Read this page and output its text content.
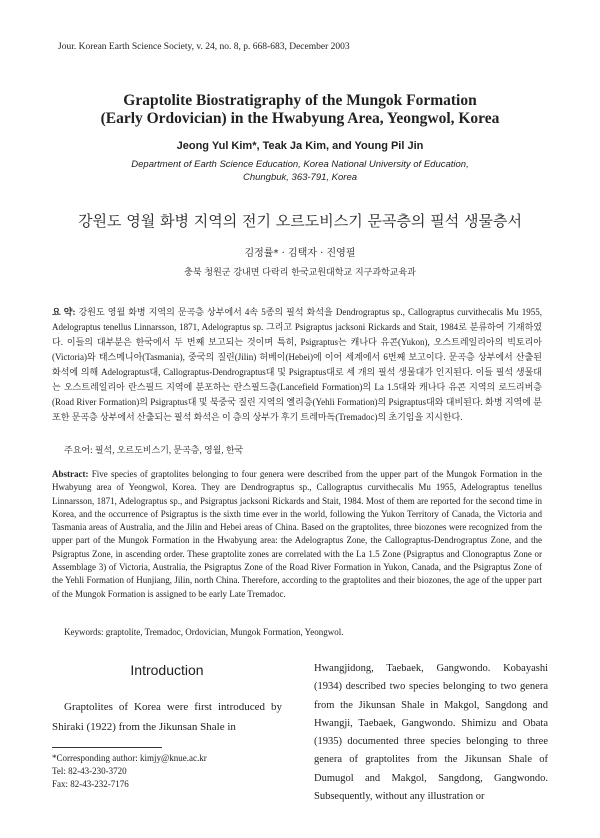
Jour. Korean Earth Science Society, v. 24, no. 8, p. 668-683, December 2003
Graptolite Biostratigraphy of the Mungok Formation
(Early Ordovician) in the Hwabyung Area, Yeongwol, Korea
Jeong Yul Kim*, Teak Ja Kim, and Young Pil Jin
Department of Earth Science Education, Korea National University of Education,
Chungbuk, 363-791, Korea
강원도 영월 화병 지역의 전기 오르도비스기 문곡층의 필석 생물층서
김정률* · 김택자 · 진영필
충북 청원군 강내면 다락리 한국교원대학교 지구과학교육과
요 약: 강원도 영월 화병 지역의 문곡층 상부에서 4속 5종의 필석 화석을 Dendrograptus sp., Callograptus curvithecalis Mu 1955, Adelograptus tenellus Linnarsson, 1871, Adelograptus sp. 그리고 Psigraptus jacksoni Rickards and Stait, 1984로 분류하여 기재하였다. 이들의 대부분은 한국에서 두 번째 보고되는 것이며 특히, Psigraptus는 캐나다 유콘(Yukon), 오스트레일리아의 빅토리아(Victoria)와 태스메니아(Tasmania), 중국의 질린(Jilin) 허베이(Hebei)에 이어 세계에서 6번째 보고이다. 문곡층 상부에서 산출된 화석에 의해 Adelograptus대, Callograptus-Dendrograptus대 및 Psigraptus대로 세 개의 필석 생물대가 인지된다. 이들 필석 생물대는 오스트레일리아 란스필드 지역에 분포하는 란스필드층(Lancefield Formation)의 La 1.5대와 캐나다 유콘 지역의 로드리버층 (Road River Formation)의 Psigraptus대 및 북중국 질린 지역의 옐리층(Yehli Formation)의 Psigraptus대와 대비된다. 화병 지역에 분포한 문곡층 상부에서 산출되는 필석 화석은 이 층의 상부가 후기 트레마독(Tremadoc)의 초기임을 지시한다.
주요어: 필석, 오르도비스기, 문곡층, 영월, 한국
Abstract: Five species of graptolites belonging to four genera were described from the upper part of the Mungok Formation in the Hwabyung area of Yeongwol, Korea. They are Dendrograptus sp., Callograptus curvithecalis Mu 1955, Adelograptus tenellus Linnarsson, 1871, Adelograptus sp., and Psigraptus jacksoni Rickards and Stait, 1984. Most of them are reported for the second time in Korea, and the occurrence of Psigraptus is the sixth time ever in the world, following the Yukon Territory of Canada, the Victoria and Tasmania areas of Australia, and the Jilin and Hebei areas of China. Based on the graptolites, three biozones were recognized from the upper part of the Mungok Formation in the Hwabyung area: the Adelograptus Zone, the Callograptus-Dendrograptus Zone, and the Psigraptus Zone, in ascending order. These graptolite zones are correlated with the La 1.5 Zone (Psigraptus and Clonograptus Zone or Assemblage 3) of Victoria, Australia, the Psigraptus Zone of the Road River Formation in Yukon, Canada, and the Psigraptus Zone of the Yehli Formation of Hunjiang, Jilin, north China. Therefore, according to the graptolites and their biozones, the age of the upper part of the Mungok Formation is assigned to be early Late Tremadoc.
Keywords: graptolite, Tremadoc, Ordovician, Mungok Formation, Yeongwol.
Introduction
Graptolites of Korea were first introduced by Shiraki (1922) from the Jikunsan Shale in
*Corresponding author: kimjy@knue.ac.kr
Tel: 82-43-230-3720
Fax: 82-43-232-7176
Hwangjidong, Taebaek, Gangwondo. Kobayashi (1934) described two species belonging to two genera from the Jikunsan Shale in Makgol, Sangdong and Hwangji, Taebaek, Gangwondo. Shimizu and Obata (1935) documented three species belonging to three genera of graptolites from the Jikunsan Shale of Dumugol and Makgol, Sangdong, Gangwondo. Subsequently, without any illustration or
